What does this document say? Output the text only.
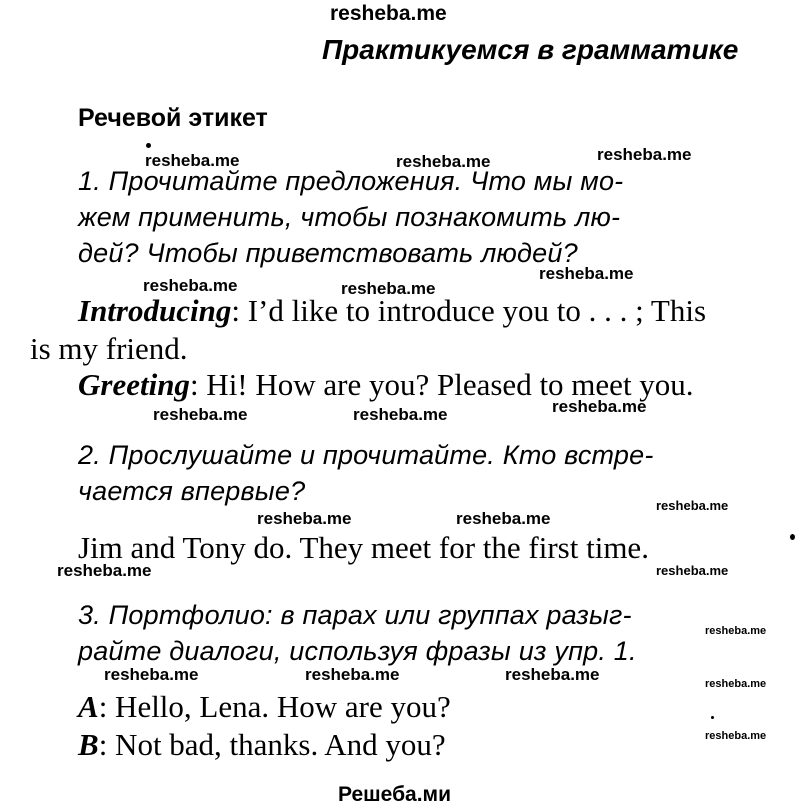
resheba.me
Практикуемся в грамматике
Речевой этикет
resheba.me	resheba.me	resheba.me
1. Прочитайте предложения. Что мы мо-
жем применить, чтобы познакомить лю-
дей? Чтобы приветствовать людей?
resheba.me	resheba.me
resheba.me
Introducing: I’d like to introduce you to . . . ; This
is my friend.
Greeting: Hi! How are you? Pleased to meet you.
resheba.me	resheba.me	resheba.me
2. Прослушайте и прочитайте. Кто встре-
чается впервые?	resheba.me
resheba.me	resheba.me
Jim and Tony do. They meet for the first time.
resheba.me	resheba.me
3. Портфолио: в парах или группах разыг-
resheba.me
райте диалоги, используя фразы из упр. 1.
resheba.me	resheba.me	resheba.me	resheba.me
A: Hello, Lena. How are you?
resheba.me
B: Not bad, thanks. And you?
Решеба.ми
